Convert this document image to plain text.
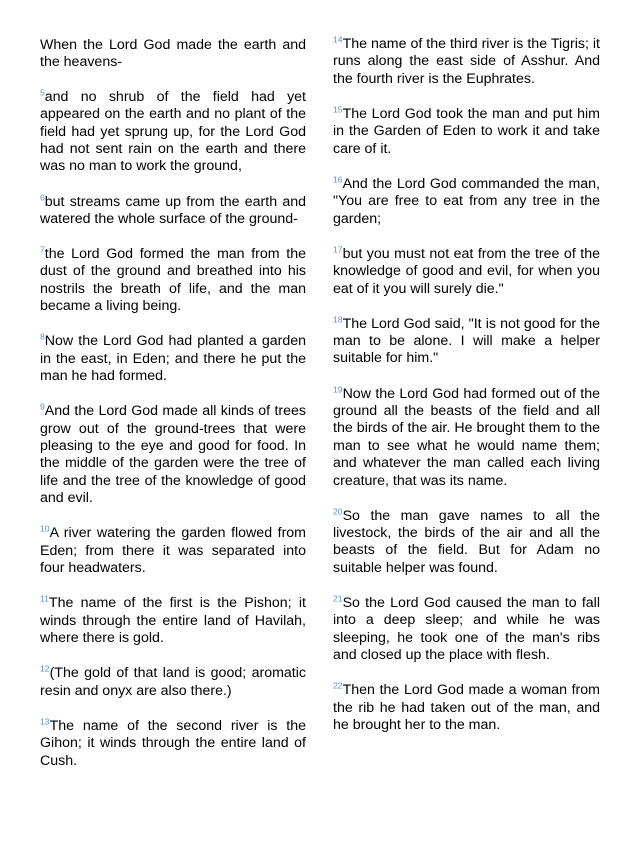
When the Lord God made the earth and the heavens-

$^5$and no shrub of the field had yet appeared on the earth and no plant of the field had yet sprung up, for the Lord God had not sent rain on the earth and there was no man to work the ground,

$^6$but streams came up from the earth and watered the whole surface of the ground-

$^7$the Lord God formed the man from the dust of the ground and breathed into his nostrils the breath of life, and the man became a living being.

$^8$Now the Lord God had planted a garden in the east, in Eden; and there he put the man he had formed.

$^9$And the Lord God made all kinds of trees grow out of the ground-trees that were pleasing to the eye and good for food. In the middle of the garden were the tree of life and the tree of the knowledge of good and evil.

$^{10}$A river watering the garden flowed from Eden; from there it was separated into four headwaters.

$^{11}$The name of the first is the Pishon; it winds through the entire land of Havilah, where there is gold.

$^{12}$(The gold of that land is good; aromatic resin and onyx are also there.)

$^{13}$The name of the second river is the Gihon; it winds through the entire land of Cush.

$^{14}$The name of the third river is the Tigris; it runs along the east side of Asshur. And the fourth river is the Euphrates.

$^{15}$The Lord God took the man and put him in the Garden of Eden to work it and take care of it.

$^{16}$And the Lord God commanded the man, "You are free to eat from any tree in the garden;

$^{17}$but you must not eat from the tree of the knowledge of good and evil, for when you eat of it you will surely die."

$^{18}$The Lord God said, "It is not good for the man to be alone. I will make a helper suitable for him."

$^{19}$Now the Lord God had formed out of the ground all the beasts of the field and all the birds of the air. He brought them to the man to see what he would name them; and whatever the man called each living creature, that was its name.

$^{20}$So the man gave names to all the livestock, the birds of the air and all the beasts of the field. But for Adam no suitable helper was found.

$^{21}$So the Lord God caused the man to fall into a deep sleep; and while he was sleeping, he took one of the man's ribs and closed up the place with flesh.

$^{22}$Then the Lord God made a woman from the rib he had taken out of the man, and he brought her to the man.
